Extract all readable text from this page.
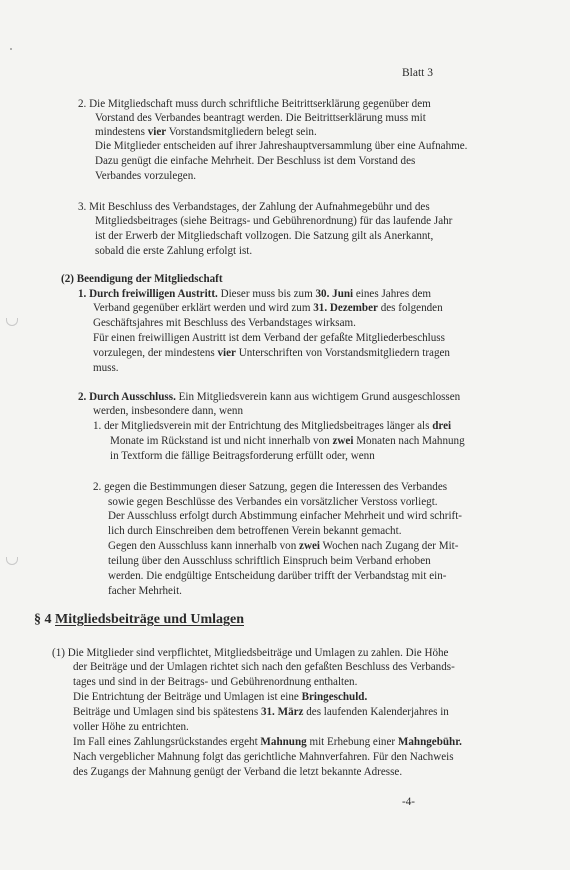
Blatt 3
2. Die Mitgliedschaft muss durch schriftliche Beitrittserklärung gegenüber dem
Vorstand des Verbandes beantragt werden. Die Beitrittserklärung muss mit
mindestens vier Vorstandsmitgliedern belegt sein.
Die Mitglieder entscheiden auf ihrer Jahreshauptversammlung über eine Aufnahme.
Dazu genügt die einfache Mehrheit. Der Beschluss ist dem Vorstand des
Verbandes vorzulegen.
3. Mit Beschluss des Verbandstages, der Zahlung der Aufnahmegebühr und des
Mitgliedsbeitrages (siehe Beitrags- und Gebührenordnung) für das laufende Jahr
ist der Erwerb der Mitgliedschaft vollzogen. Die Satzung gilt als Anerkannt,
sobald die erste Zahlung erfolgt ist.
(2) Beendigung der Mitgliedschaft
1. Durch freiwilligen Austritt. Dieser muss bis zum 30. Juni eines Jahres dem
Verband gegenüber erklärt werden und wird zum 31. Dezember des folgenden
Geschäftsjahres mit Beschluss des Verbandstages wirksam.
Für einen freiwilligen Austritt ist dem Verband der gefaßte Mitgliederbeschluss
vorzulegen, der mindestens vier Unterschriften von Vorstandsmitgliedern tragen
muss.
2. Durch Ausschluss. Ein Mitgliedsverein kann aus wichtigem Grund ausgeschlossen
werden, insbesondere dann, wenn
1. der Mitgliedsverein mit der Entrichtung des Mitgliedsbeitrages länger als drei
Monate im Rückstand ist und nicht innerhalb von zwei Monaten nach Mahnung
in Textform die fällige Beitragsforderung erfüllt oder, wenn
2. gegen die Bestimmungen dieser Satzung, gegen die Interessen des Verbandes
sowie gegen Beschlüsse des Verbandes ein vorsätzlicher Verstoss vorliegt.
Der Ausschluss erfolgt durch Abstimmung einfacher Mehrheit und wird schrift-
lich durch Einschreiben dem betroffenen Verein bekannt gemacht.
Gegen den Ausschluss kann innerhalb von zwei Wochen nach Zugang der Mit-
teilung über den Ausschluss schriftlich Einspruch beim Verband erhoben
werden. Die endgültige Entscheidung darüber trifft der Verbandstag mit ein-
facher Mehrheit.
§ 4 Mitgliedsbeiträge und Umlagen
(1) Die Mitglieder sind verpflichtet, Mitgliedsbeiträge und Umlagen zu zahlen. Die Höhe
der Beiträge und der Umlagen richtet sich nach den gefaßten Beschluss des Verbands-
tages und sind in der Beitrags- und Gebührenordnung enthalten.
Die Entrichtung der Beiträge und Umlagen ist eine Bringeschuld.
Beiträge und Umlagen sind bis spätestens 31. März des laufenden Kalenderjahres in
voller Höhe zu entrichten.
Im Fall eines Zahlungsrückstandes ergeht Mahnung mit Erhebung einer Mahngebühr.
Nach vergeblicher Mahnung folgt das gerichtliche Mahnverfahren. Für den Nachweis
des Zugangs der Mahnung genügt der Verband die letzt bekannte Adresse.
-4-
